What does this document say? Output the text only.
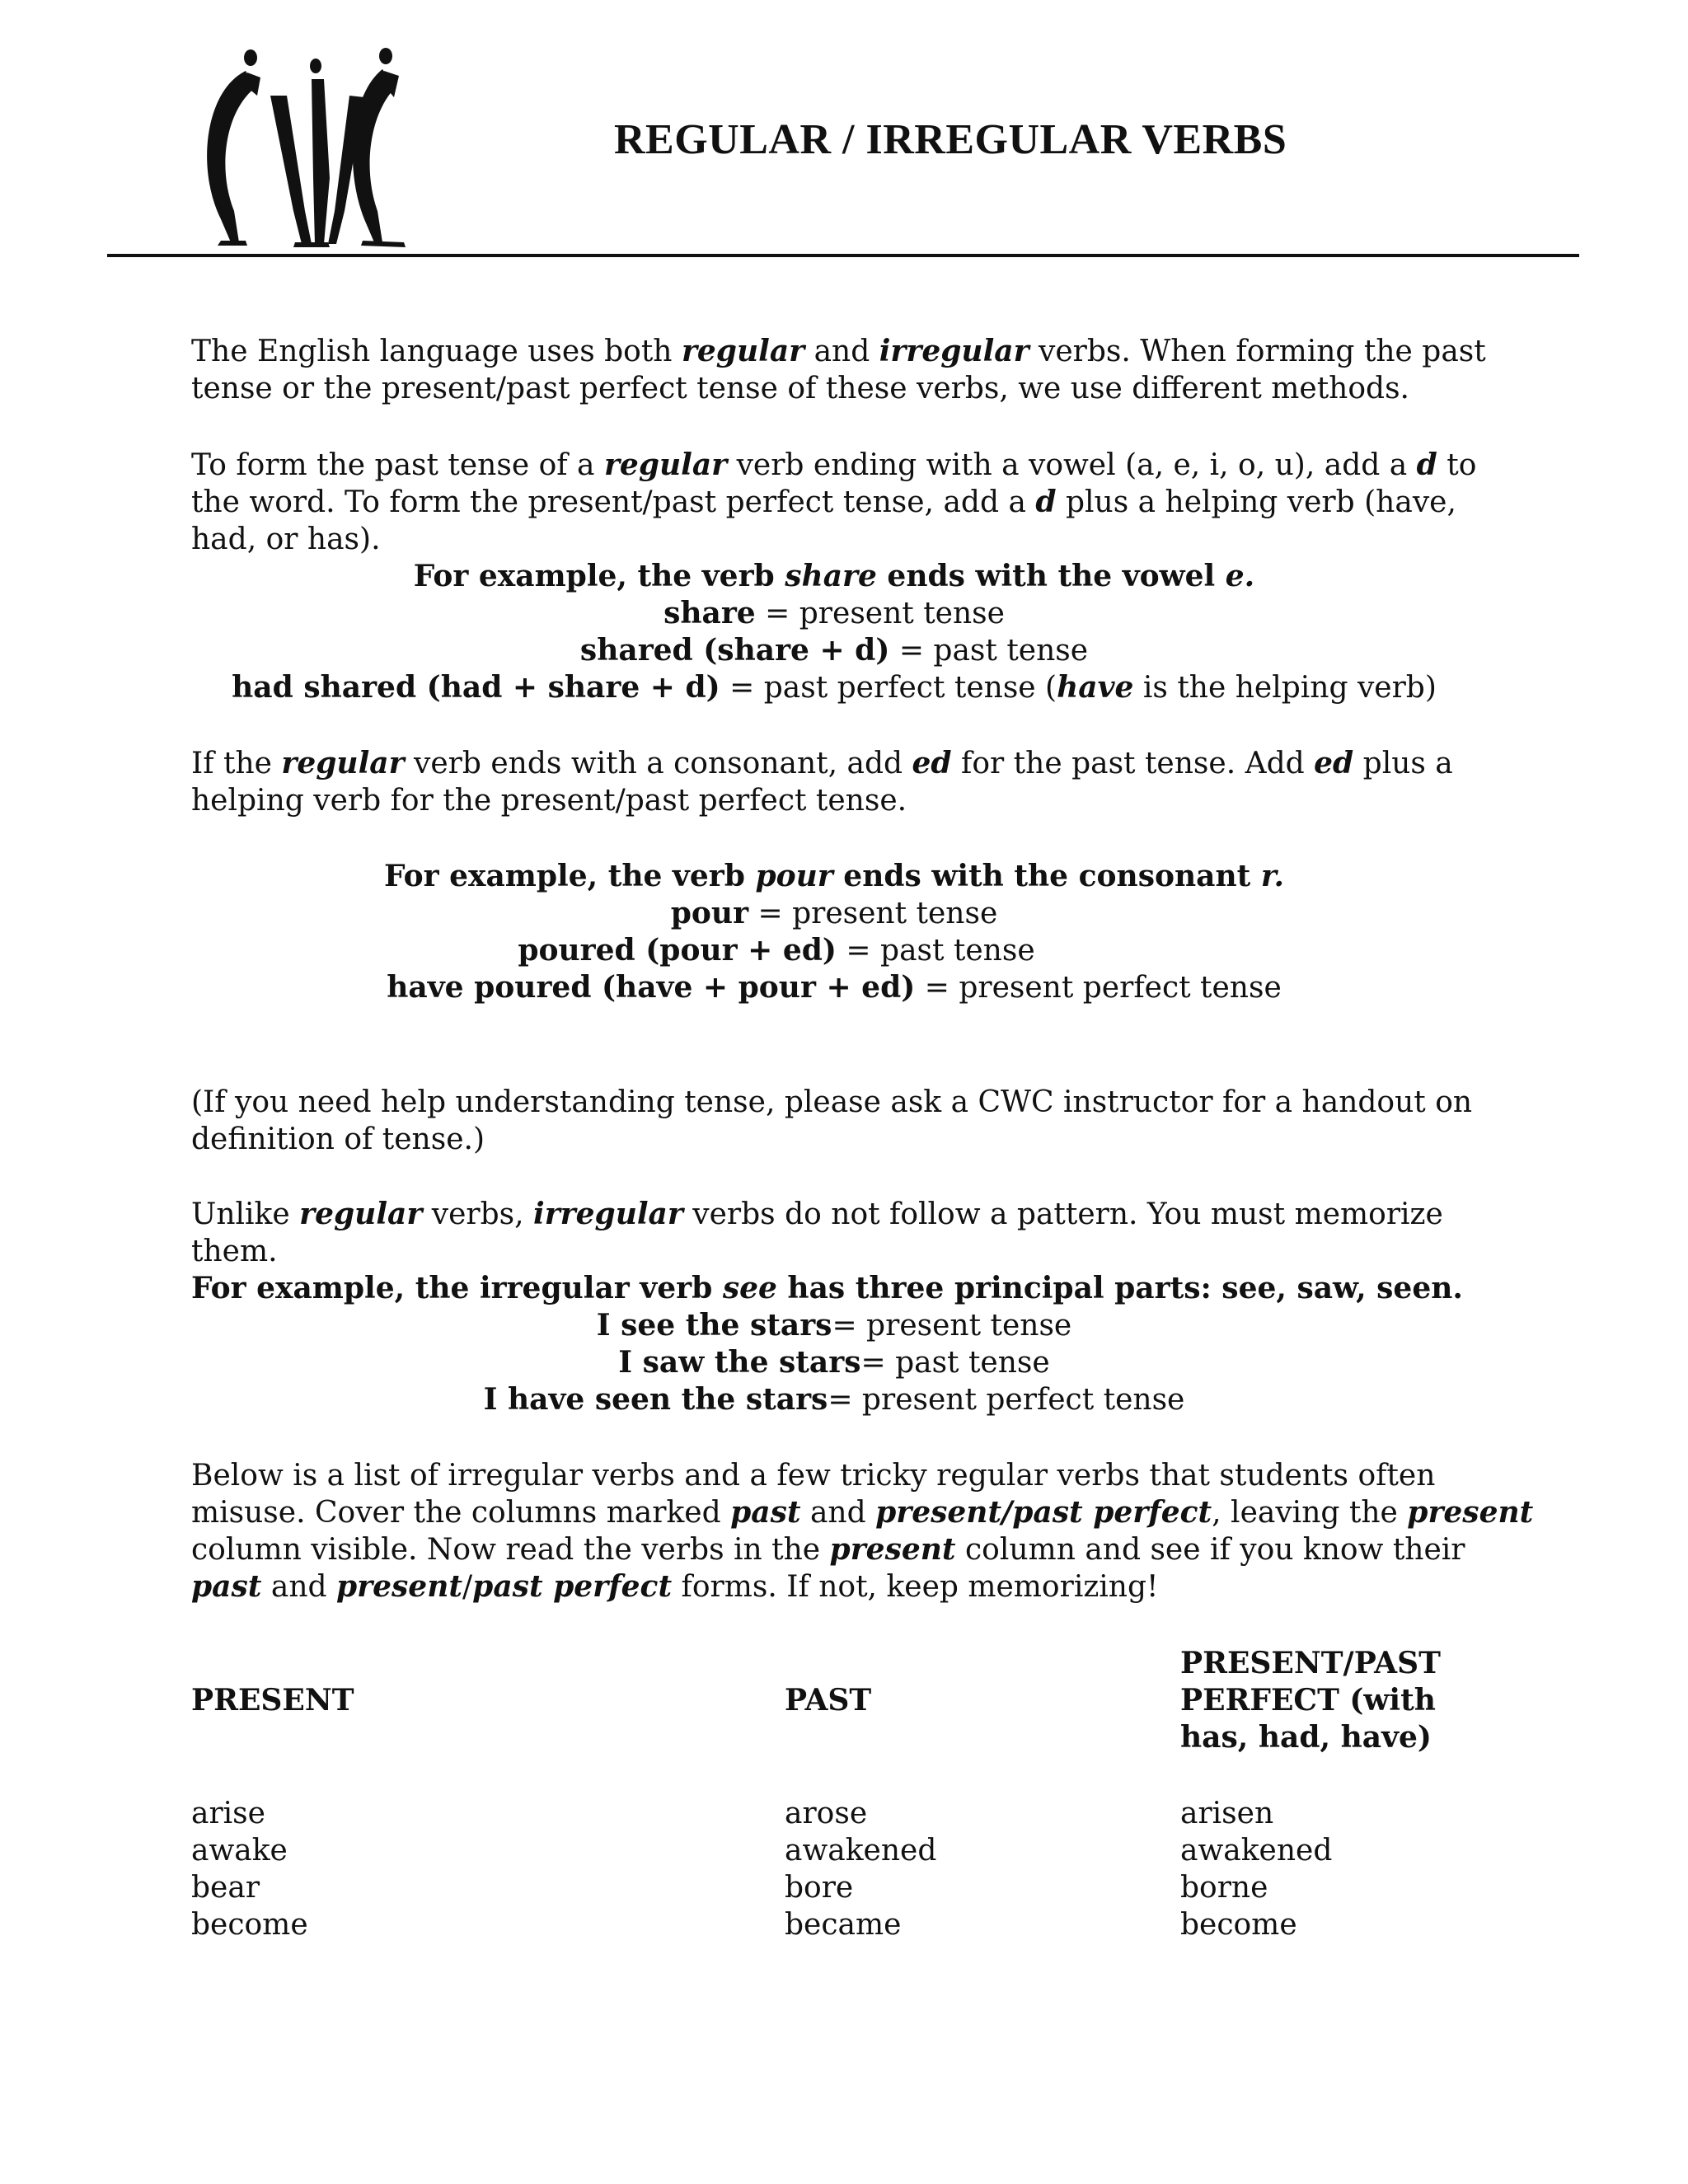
REGULAR / IRREGULAR VERBS
The English language uses both regular and irregular verbs. When forming the past tense or the present/past perfect tense of these verbs, we use different methods.
To form the past tense of a regular verb ending with a vowel (a, e, i, o, u), add a d to the word. To form the present/past perfect tense, add a d plus a helping verb (have, had, or has).
For example, the verb share ends with the vowel e.
share = present tense
shared (share + d) = past tense
had shared (had + share + d) = past perfect tense (have is the helping verb)
If the regular verb ends with a consonant, add ed for the past tense. Add ed plus a helping verb for the present/past perfect tense.
For example, the verb pour ends with the consonant r.
pour = present tense
poured (pour + ed) = past tense
have poured (have + pour + ed) = present perfect tense
(If you need help understanding tense, please ask a CWC instructor for a handout on definition of tense.)
Unlike regular verbs, irregular verbs do not follow a pattern. You must memorize them.
For example, the irregular verb see has three principal parts: see, saw, seen.
I see the stars= present tense
I saw the stars= past tense
I have seen the stars= present perfect tense
Below is a list of irregular verbs and a few tricky regular verbs that students often misuse. Cover the columns marked past and present/past perfect, leaving the present column visible. Now read the verbs in the present column and see if you know their past and present/past perfect forms. If not, keep memorizing!
PRESENT	PAST
PRESENT/PAST
PERFECT (with
has, had, have)
arise
awake
bear
become
arose
awakened
bore
became
arisen
awakened
borne
become
